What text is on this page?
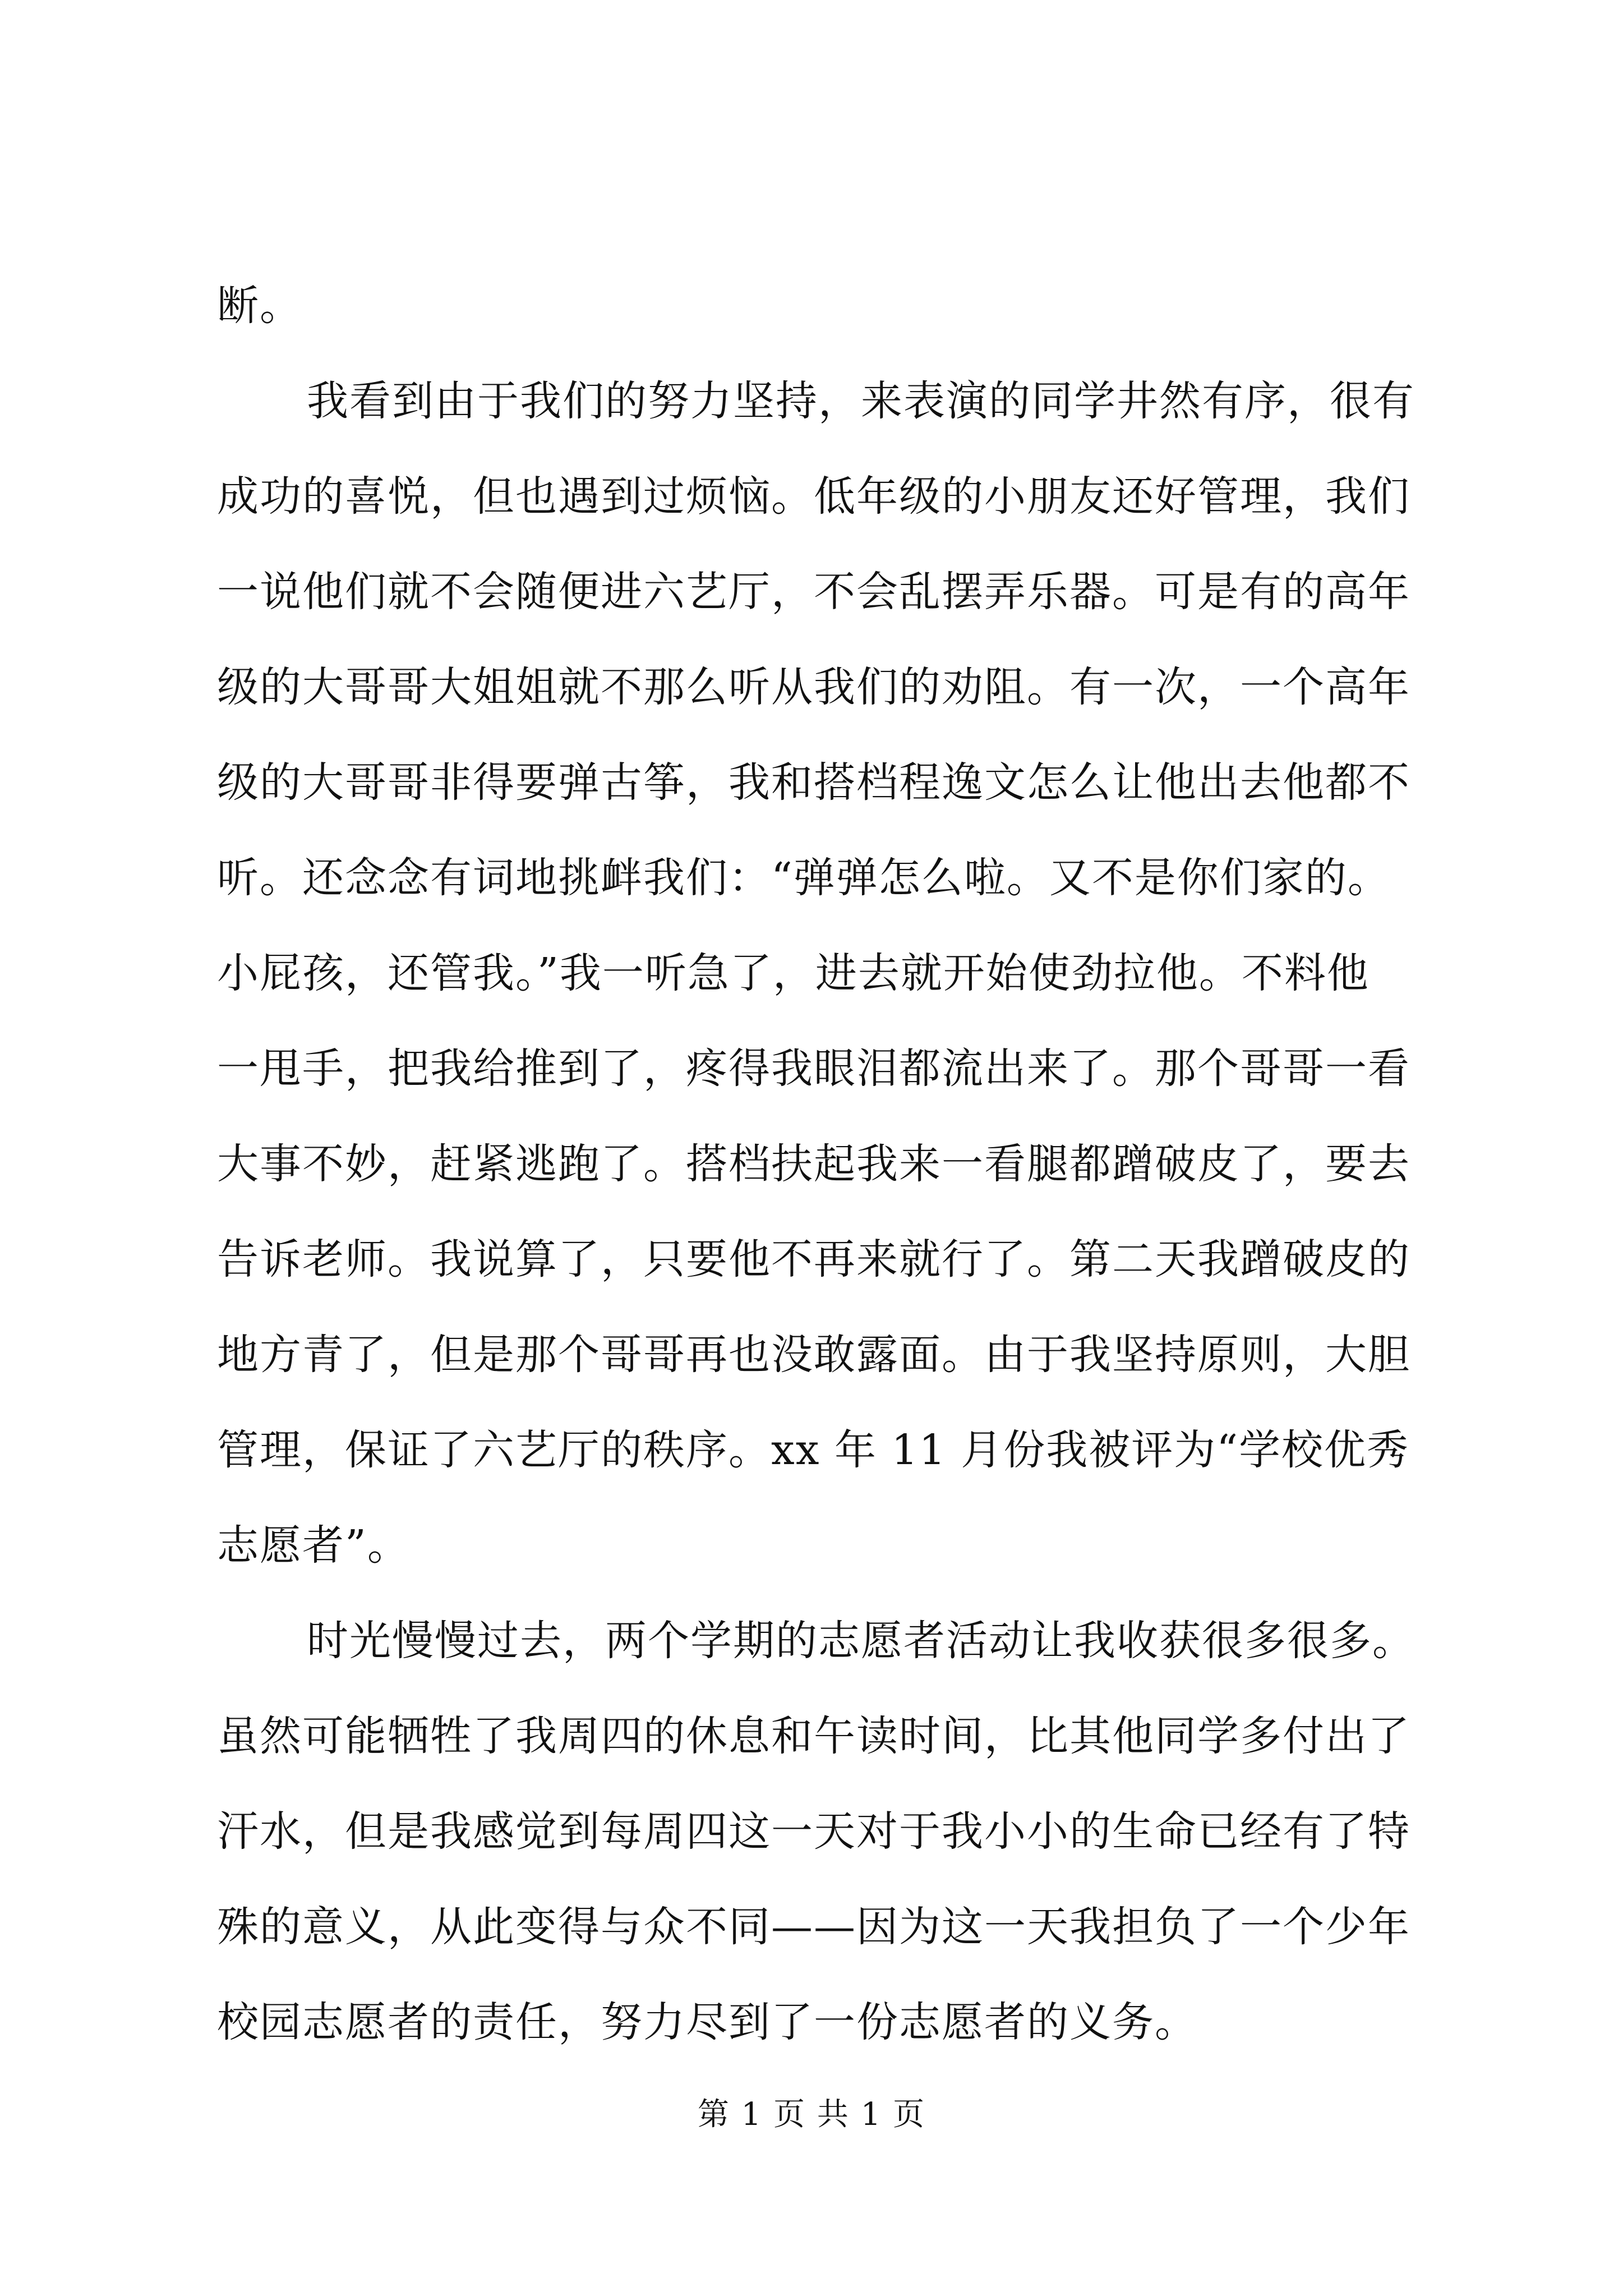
断。
我看到由于我们的努力坚持，来表演的同学井然有序，很有
成功的喜悦，但也遇到过烦恼。低年级的小朋友还好管理，我们
一说他们就不会随便进六艺厅，不会乱摆弄乐器。可是有的高年
级的大哥哥大姐姐就不那么听从我们的劝阻。有一次，一个高年
级的大哥哥非得要弹古筝，我和搭档程逸文怎么让他出去他都不
听。还念念有词地挑衅我们：“弹弹怎么啦。又不是你们家的。
小屁孩，还管我。”我一听急了，进去就开始使劲拉他。不料他
一甩手，把我给推到了，疼得我眼泪都流出来了。那个哥哥一看
大事不妙，赶紧逃跑了。搭档扶起我来一看腿都蹭破皮了，要去
告诉老师。我说算了，只要他不再来就行了。第二天我蹭破皮的
地方青了，但是那个哥哥再也没敢露面。由于我坚持原则，大胆
管理，保证了六艺厅的秩序。xx 年 11 月份我被评为“学校优秀
志愿者”。
时光慢慢过去，两个学期的志愿者活动让我收获很多很多。
虽然可能牺牲了我周四的休息和午读时间，比其他同学多付出了
汗水，但是我感觉到每周四这一天对于我小小的生命已经有了特
殊的意义，从此变得与众不同——因为这一天我担负了一个少年
校园志愿者的责任，努力尽到了一份志愿者的义务。
第 1 页 共 1 页
